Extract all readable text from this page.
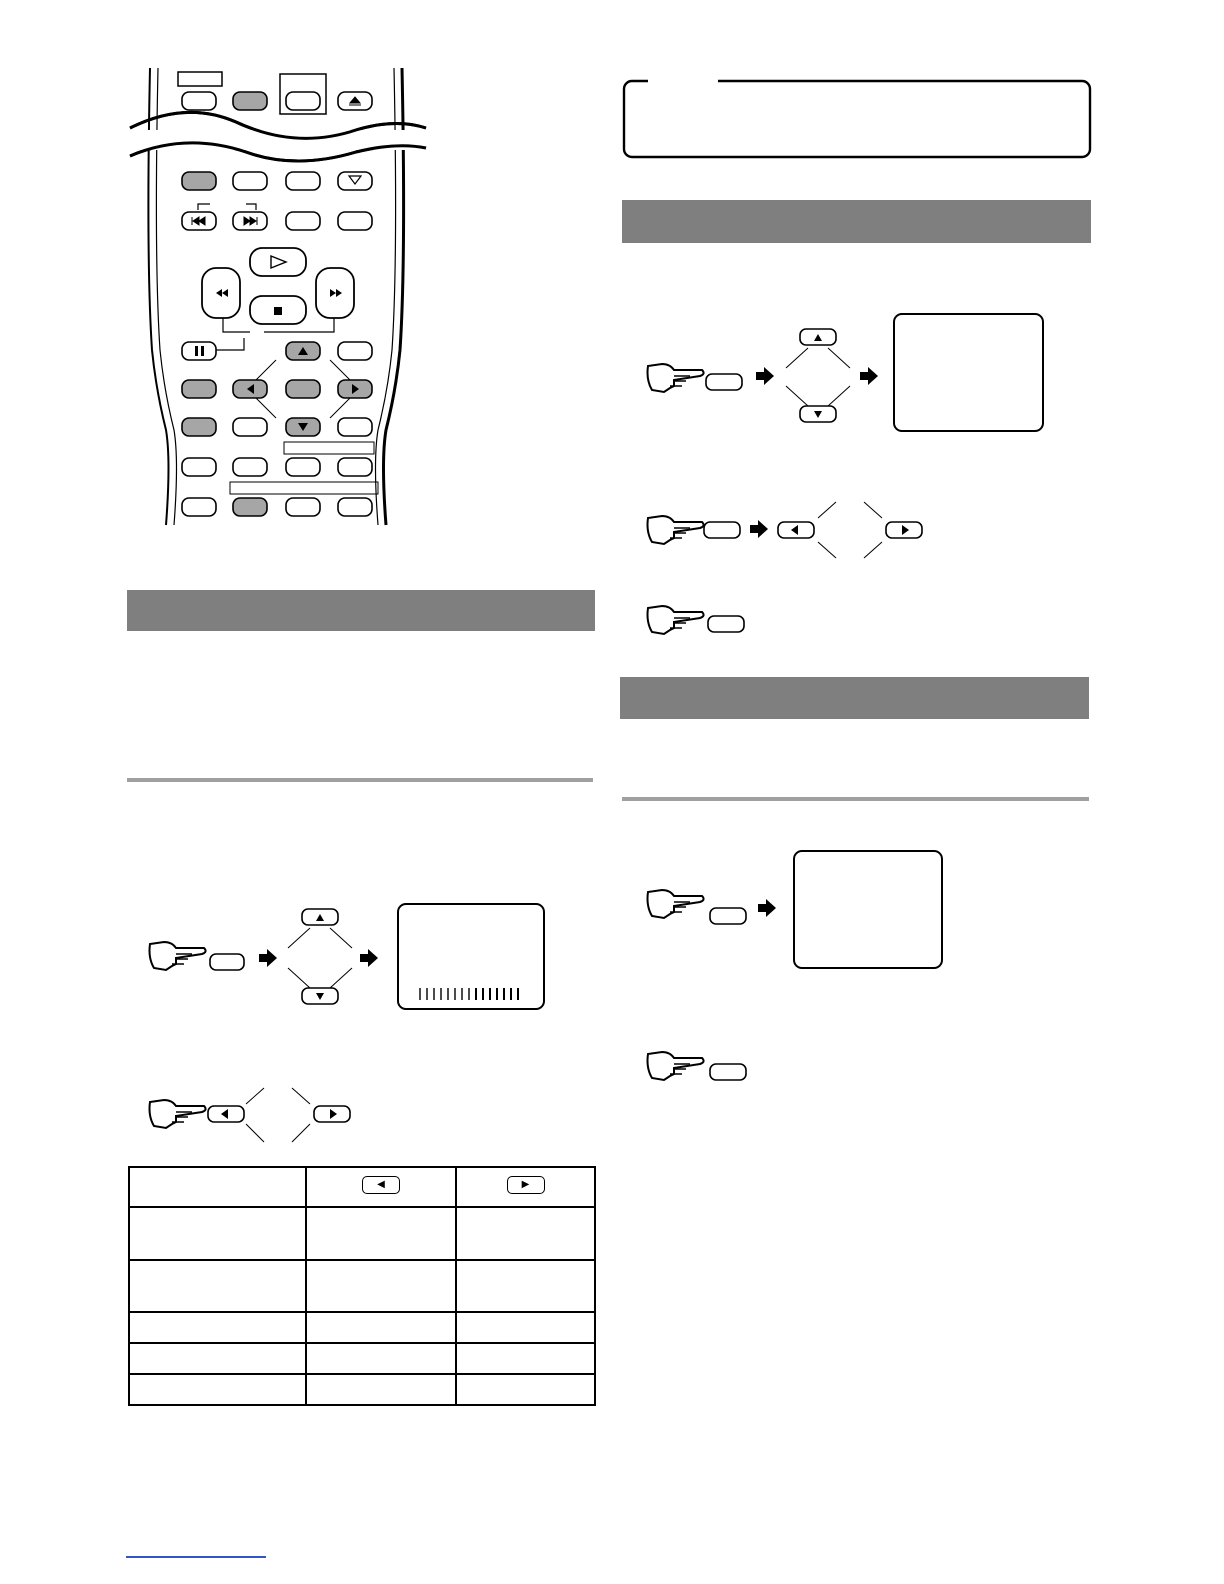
	◀	▶
